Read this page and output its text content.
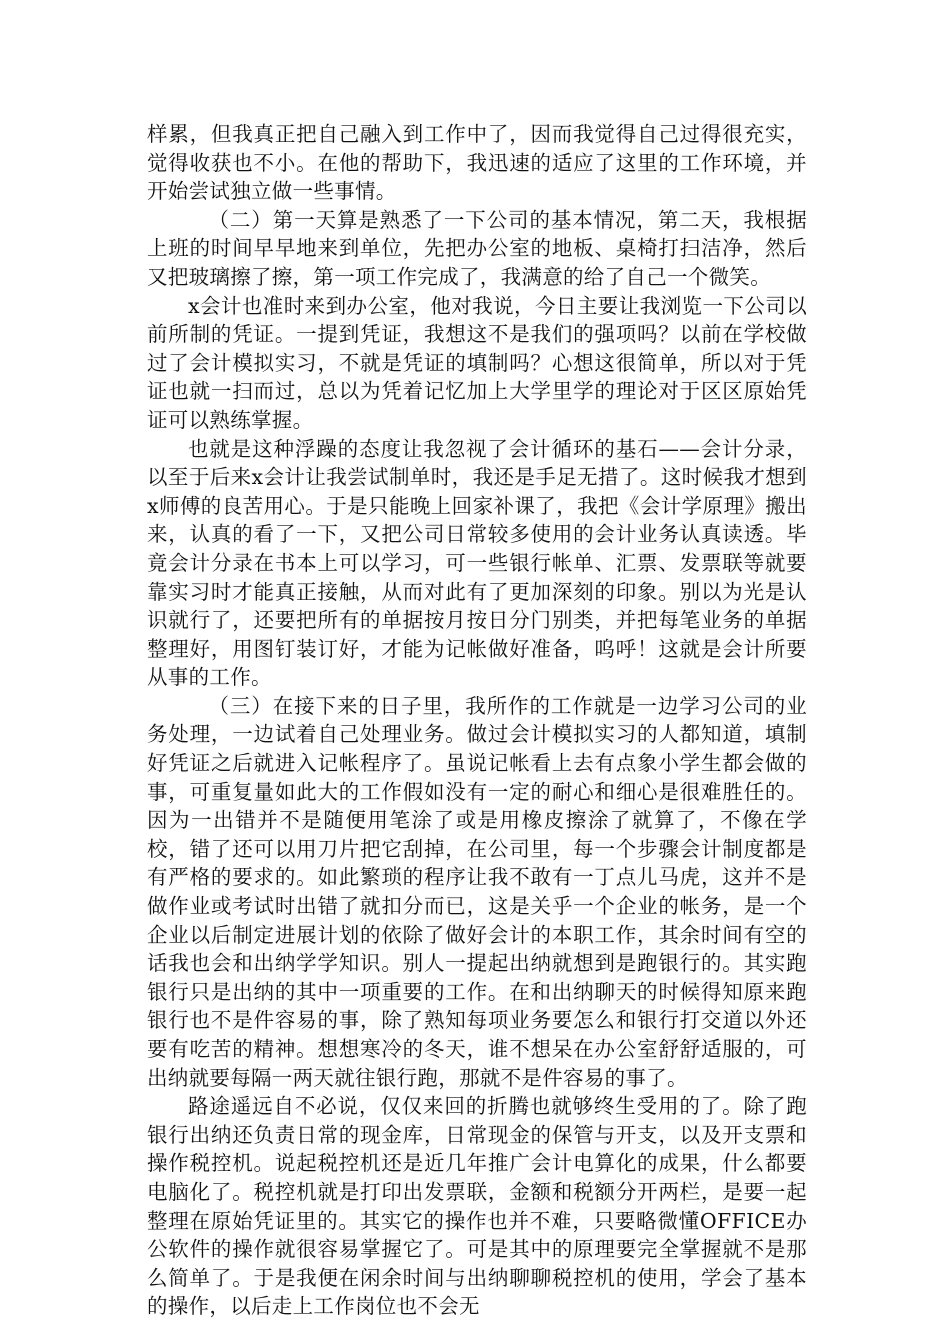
样累，但我真正把自己融入到工作中了，因而我觉得自己过得很充实，觉得收获也不小。在他的帮助下，我迅速的适应了这里的工作环境，并开始尝试独立做一些事情。

（二）第一天算是熟悉了一下公司的基本情况，第二天，我根据上班的时间早早地来到单位，先把办公室的地板、桌椅打扫洁净，然后又把玻璃擦了擦，第一项工作完成了，我满意的给了自己一个微笑。

x会计也准时来到办公室，他对我说，今日主要让我浏览一下公司以前所制的凭证。一提到凭证，我想这不是我们的强项吗？以前在学校做过了会计模拟实习，不就是凭证的填制吗？心想这很简单，所以对于凭证也就一扫而过，总以为凭着记忆加上大学里学的理论对于区区原始凭证可以熟练掌握。

也就是这种浮躁的态度让我忽视了会计循环的基石——会计分录，以至于后来x会计让我尝试制单时，我还是手足无措了。这时候我才想到x师傅的良苦用心。于是只能晚上回家补课了，我把《会计学原理》搬出来，认真的看了一下，又把公司日常较多使用的会计业务认真读透。毕竟会计分录在书本上可以学习，可一些银行帐单、汇票、发票联等就要靠实习时才能真正接触，从而对此有了更加深刻的印象。别以为光是认识就行了，还要把所有的单据按月按日分门别类，并把每笔业务的单据整理好，用图钉装订好，才能为记帐做好准备，呜呼！这就是会计所要从事的工作。

（三）在接下来的日子里，我所作的工作就是一边学习公司的业务处理，一边试着自己处理业务。做过会计模拟实习的人都知道，填制好凭证之后就进入记帐程序了。虽说记帐看上去有点象小学生都会做的事，可重复量如此大的工作假如没有一定的耐心和细心是很难胜任的。因为一出错并不是随便用笔涂了或是用橡皮擦涂了就算了，不像在学校，错了还可以用刀片把它刮掉，在公司里，每一个步骤会计制度都是有严格的要求的。如此繁琐的程序让我不敢有一丁点儿马虎，这并不是做作业或考试时出错了就扣分而已，这是关乎一个企业的帐务，是一个企业以后制定进展计划的依除了做好会计的本职工作，其余时间有空的话我也会和出纳学学知识。别人一提起出纳就想到是跑银行的。其实跑银行只是出纳的其中一项重要的工作。在和出纳聊天的时候得知原来跑银行也不是件容易的事，除了熟知每项业务要怎么和银行打交道以外还要有吃苦的精神。想想寒冷的冬天，谁不想呆在办公室舒舒适服的，可出纳就要每隔一两天就往银行跑，那就不是件容易的事了。

路途遥远自不必说，仅仅来回的折腾也就够终生受用的了。除了跑银行出纳还负责日常的现金库，日常现金的保管与开支，以及开支票和操作税控机。说起税控机还是近几年推广会计电算化的成果，什么都要电脑化了。税控机就是打印出发票联，金额和税额分开两栏，是要一起整理在原始凭证里的。其实它的操作也并不难，只要略微懂OFFICE办公软件的操作就很容易掌握它了。可是其中的原理要完全掌握就不是那么简单了。于是我便在闲余时间与出纳聊聊税控机的使用，学会了基本的操作，以后走上工作岗位也不会无
